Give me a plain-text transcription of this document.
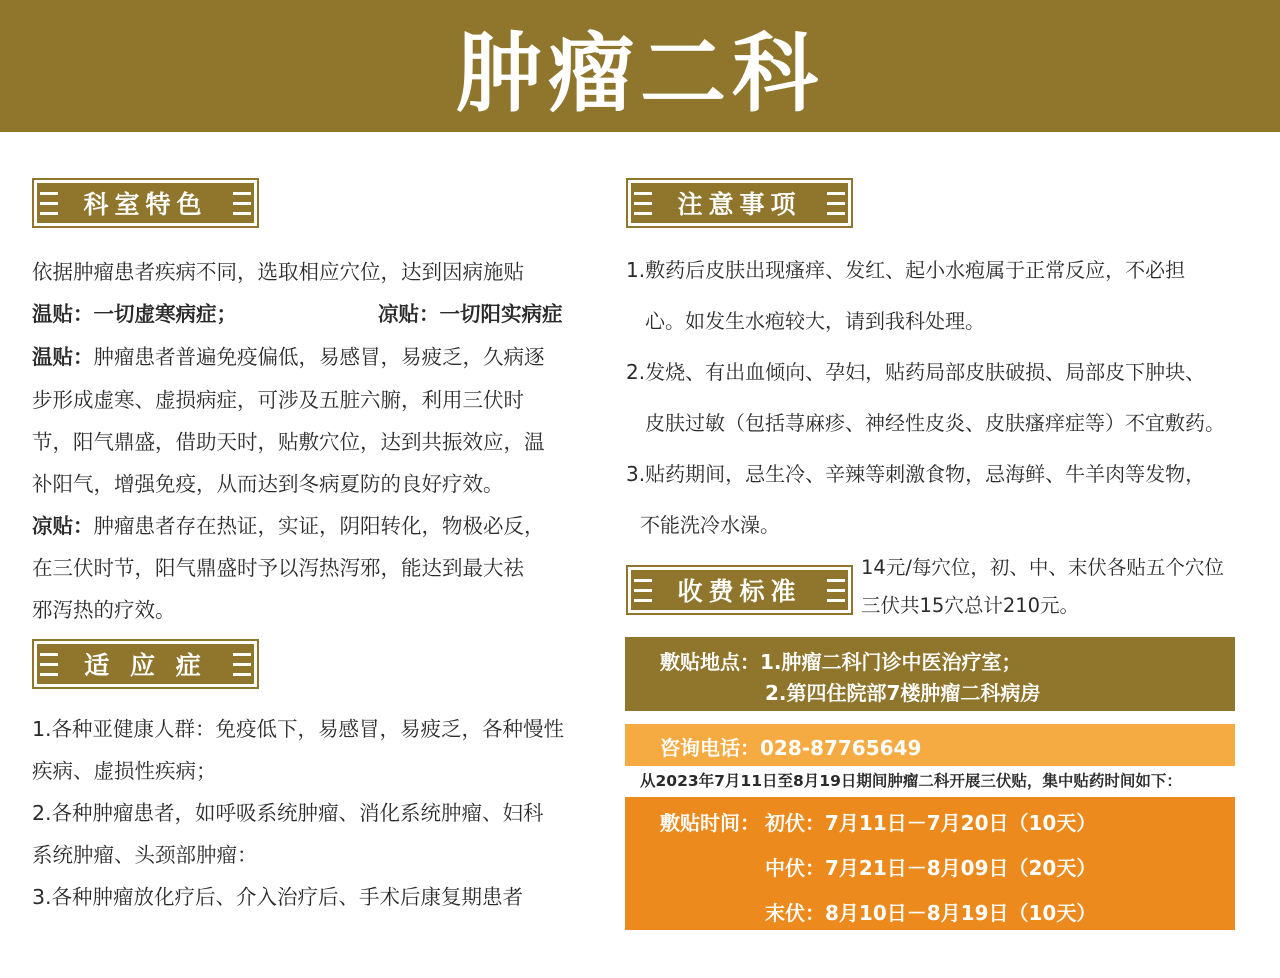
肿瘤二科
科室特色
依据肿瘤患者疾病不同，选取相应穴位，达到因病施贴
温贴：一切虚寒病症；	凉贴：一切阳实病症
温贴：肿瘤患者普遍免疫偏低，易感冒，易疲乏，久病逐
步形成虚寒、虚损病症，可涉及五脏六腑，利用三伏时
节，阳气鼎盛，借助天时，贴敷穴位，达到共振效应，温
补阳气，增强免疫，从而达到冬病夏防的良好疗效。
凉贴：肿瘤患者存在热证，实证，阴阳转化，物极必反，
在三伏时节，阳气鼎盛时予以泻热泻邪，能达到最大祛
邪泻热的疗效。
适 应 症
1.各种亚健康人群：免疫低下，易感冒，易疲乏，各种慢性
疾病、虚损性疾病；
2.各种肿瘤患者，如呼吸系统肿瘤、消化系统肿瘤、妇科
系统肿瘤、头颈部肿瘤：
3.各种肿瘤放化疗后、介入治疗后、手术后康复期患者
注意事项
1.敷药后皮肤出现瘙痒、发红、起小水疱属于正常反应，不必担
心。如发生水疱较大，请到我科处理。
2.发烧、有出血倾向、孕妇，贴药局部皮肤破损、局部皮下肿块、
皮肤过敏（包括荨麻疹、神经性皮炎、皮肤瘙痒症等）不宜敷药。
3.贴药期间，忌生冷、辛辣等刺激食物，忌海鲜、牛羊肉等发物，
不能洗冷水澡。
收费标准
14元/每穴位，初、中、末伏各贴五个穴位
三伏共15穴总计210元。
敷贴地点：1.肿瘤二科门诊中医治疗室；
2.第四住院部7楼肿瘤二科病房
咨询电话：028-87765649
从2023年7月11日至8月19日期间肿瘤二科开展三伏贴，集中贴药时间如下：
敷贴时间： 初伏：7月11日－7月20日（10天）
中伏：7月21日－8月09日（20天）
末伏：8月10日－8月19日（10天）
